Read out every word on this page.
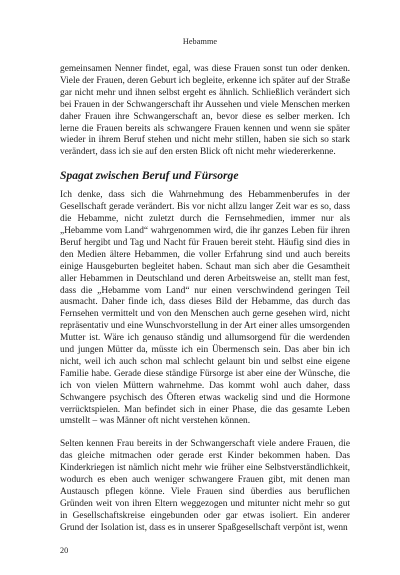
Hebamme

gemeinsamen Nenner findet, egal, was diese Frauen sonst tun oder denken. Viele der Frauen, deren Geburt ich begleite, erkenne ich später auf der Straße gar nicht mehr und ihnen selbst ergeht es ähnlich. Schließlich verändert sich bei Frauen in der Schwangerschaft ihr Aussehen und viele Menschen merken daher Frauen ihre Schwangerschaft an, bevor diese es selber merken. Ich lerne die Frauen bereits als schwangere Frauen kennen und wenn sie später wieder in ihrem Beruf stehen und nicht mehr stillen, haben sie sich so stark verändert, dass ich sie auf den ersten Blick oft nicht mehr wiedererkenne.

Spagat zwischen Beruf und Fürsorge

Ich denke, dass sich die Wahrnehmung des Hebammenberufes in der Gesellschaft gerade verändert. Bis vor nicht allzu langer Zeit war es so, dass die Hebamme, nicht zuletzt durch die Fernsehmedien, immer nur als „Hebamme vom Land“ wahrgenommen wird, die ihr ganzes Leben für ihren Beruf hergibt und Tag und Nacht für Frauen bereit steht. Häufig sind dies in den Medien ältere Hebammen, die voller Erfahrung sind und auch bereits einige Hausgeburten begleitet haben. Schaut man sich aber die Gesamtheit aller Hebammen in Deutschland und deren Arbeitsweise an, stellt man fest, dass die „Hebamme vom Land“ nur einen verschwindend geringen Teil ausmacht. Daher finde ich, dass dieses Bild der Hebamme, das durch das Fernsehen vermittelt und von den Menschen auch gerne gesehen wird, nicht repräsentativ und eine Wunschvorstellung in der Art einer alles umsorgenden Mutter ist. Wäre ich genauso ständig und allumsorgend für die werdenden und jungen Mütter da, müsste ich ein Übermensch sein. Das aber bin ich nicht, weil ich auch schon mal schlecht gelaunt bin und selbst eine eigene Familie habe. Gerade diese ständige Fürsorge ist aber eine der Wünsche, die ich von vielen Müttern wahrnehme. Das kommt wohl auch daher, dass Schwangere psychisch des Öfteren etwas wackelig sind und die Hormone verrücktspielen. Man befindet sich in einer Phase, die das gesamte Leben umstellt – was Männer oft nicht verstehen können.

Selten kennen Frau bereits in der Schwangerschaft viele andere Frauen, die das gleiche mitmachen oder gerade erst Kinder bekommen haben. Das Kinderkriegen ist nämlich nicht mehr wie früher eine Selbstverständlichkeit, wodurch es eben auch weniger schwangere Frauen gibt, mit denen man Austausch pflegen könne. Viele Frauen sind überdies aus beruflichen Gründen weit von ihren Eltern weggezogen und mitunter nicht mehr so gut in Gesellschaftskreise eingebunden oder gar etwas isoliert. Ein anderer Grund der Isolation ist, dass es in unserer Spaßgesellschaft verpönt ist, wenn

20
